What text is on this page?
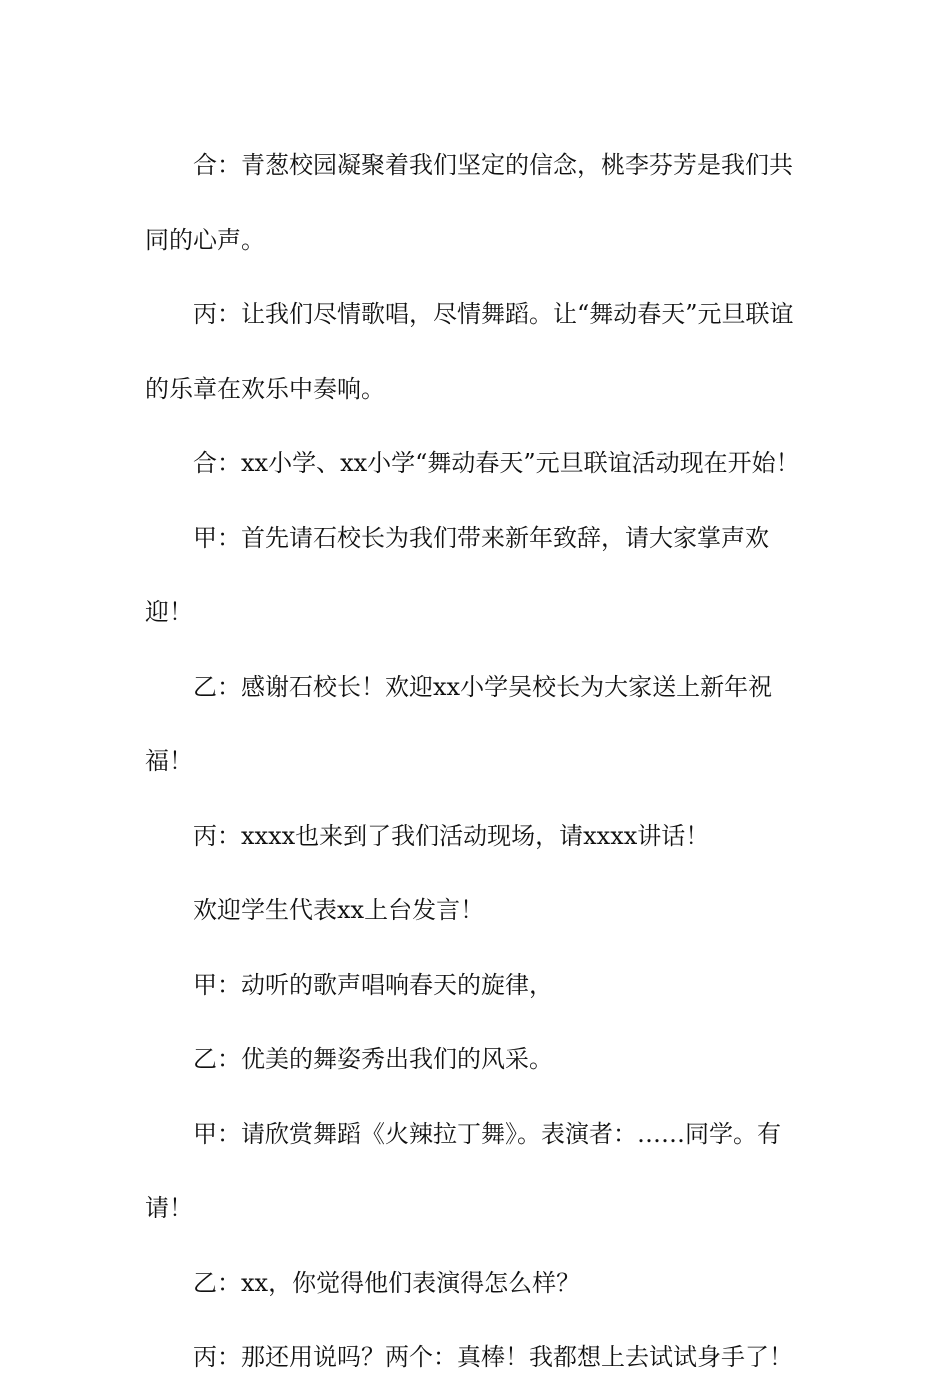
合：青葱校园凝聚着我们坚定的信念，桃李芬芳是我们共同的心声。

丙：让我们尽情歌唱，尽情舞蹈。让“舞动春天”元旦联谊的乐章在欢乐中奏响。

合：xx小学、xx小学“舞动春天”元旦联谊活动现在开始！

甲：首先请石校长为我们带来新年致辞，请大家掌声欢迎！

乙：感谢石校长！欢迎xx小学吴校长为大家送上新年祝福！

丙：xxxx也来到了我们活动现场，请xxxx讲话！

欢迎学生代表xx上台发言！

甲：动听的歌声唱响春天的旋律，

乙：优美的舞姿秀出我们的风采。

甲：请欣赏舞蹈《火辣拉丁舞》。表演者：……同学。有请！

乙：xx，你觉得他们表演得怎么样？

丙：那还用说吗？两个：真棒！我都想上去试试身手了！
